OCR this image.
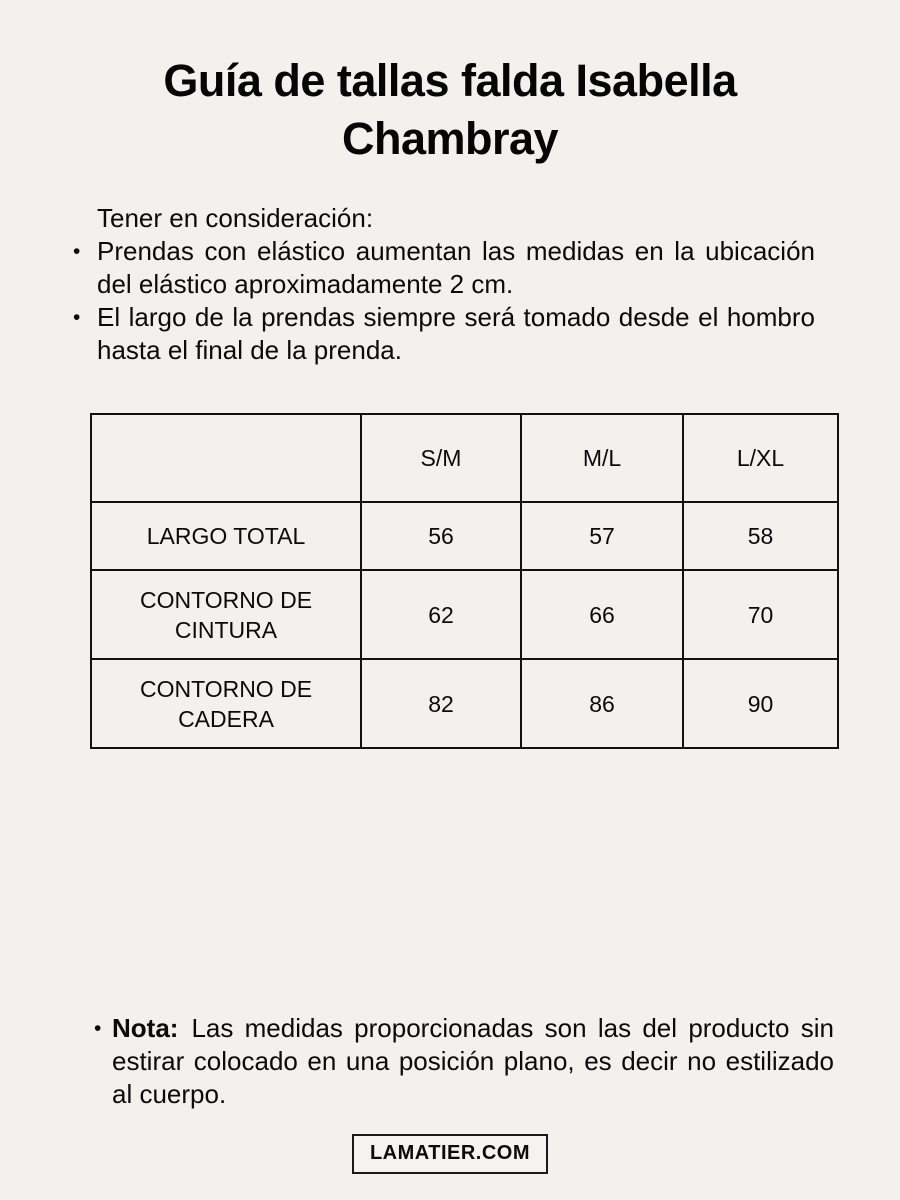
Guía de tallas falda Isabella
Chambray
Tener en consideración:
• Prendas con elástico aumentan las medidas en la ubicación del elástico aproximadamente 2 cm.
• El largo de la prendas siempre será tomado desde el hombro hasta el final de la prenda.
	S/M	M/L	L/XL
LARGO TOTAL	56	57	58
CONTORNO DE CINTURA	62	66	70
CONTORNO DE CADERA	82	86	90
• Nota: Las medidas proporcionadas son las del producto sin estirar colocado en una posición plano, es decir no estilizado al cuerpo.

LAMATIER.COM
